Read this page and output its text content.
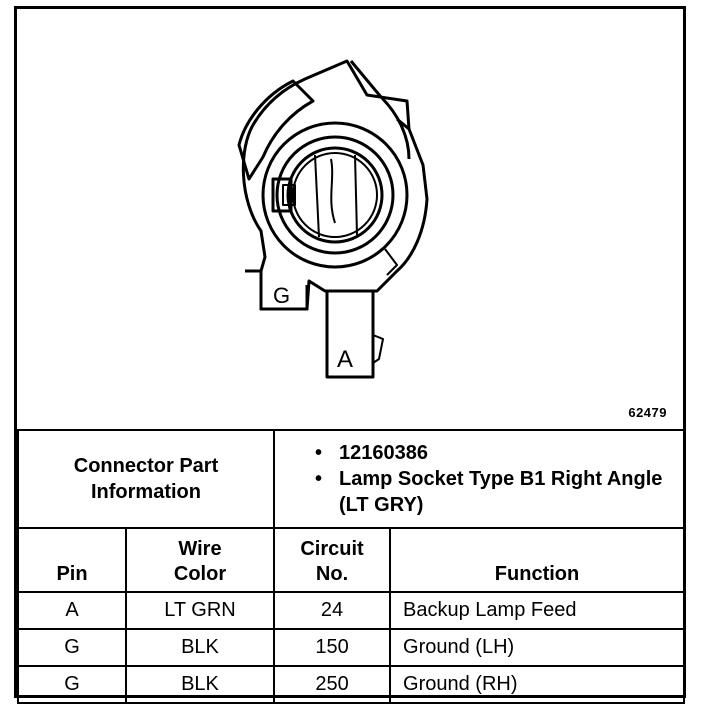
G
A
62479
Connector Part Information		• 12160386
• Lamp Socket Type B1 Right Angle (LT GRY)	

Pin	Wire Color	Circuit No.	Function
A	LT GRN	24	Backup Lamp Feed
G	BLK	150	Ground (LH)
G	BLK	250	Ground (RH)
